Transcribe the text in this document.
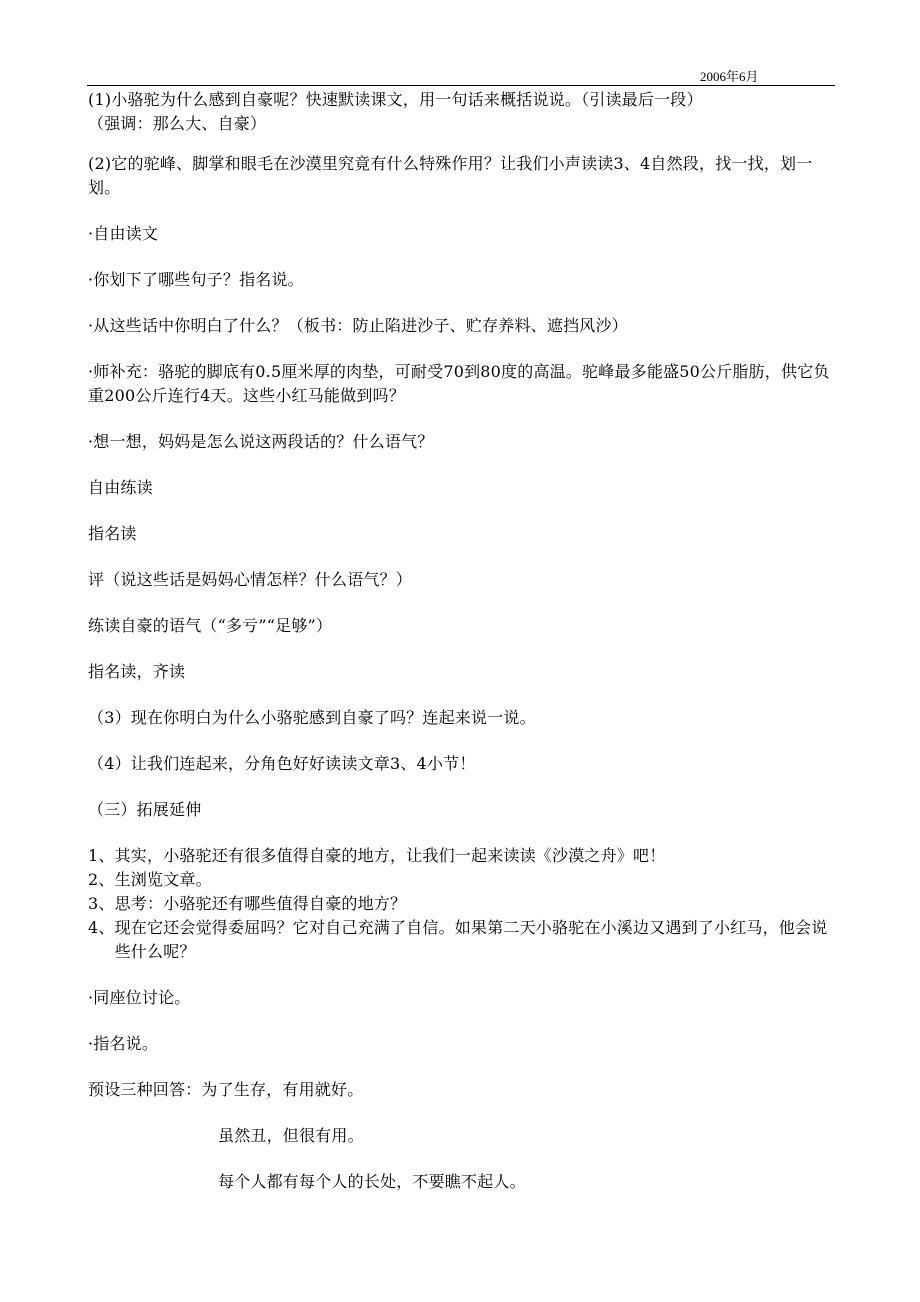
2006年6月

(1)小骆驼为什么感到自豪呢？快速默读课文，用一句话来概括说说。（引读最后一段）

（强调：那么大、自豪）

(2)它的驼峰、脚掌和眼毛在沙漠里究竟有什么特殊作用？让我们小声读读3、4自然段，找一找，划一划。

·自由读文

·你划下了哪些句子？指名说。

·从这些话中你明白了什么？（板书：防止陷进沙子、贮存养料、遮挡风沙）

·师补充：骆驼的脚底有0.5厘米厚的肉垫，可耐受70到80度的高温。驼峰最多能盛50公斤脂肪，供它负重200公斤连行4天。这些小红马能做到吗？

·想一想，妈妈是怎么说这两段话的？什么语气？

自由练读

指名读

评（说这些话是妈妈心情怎样？什么语气？）

练读自豪的语气（“多亏”“足够”）

指名读，齐读

（3）现在你明白为什么小骆驼感到自豪了吗？连起来说一说。

（4）让我们连起来，分角色好好读读文章3、4小节！

（三）拓展延伸

1、 其实，小骆驼还有很多值得自豪的地方，让我们一起来读读《沙漠之舟》吧！
2、 生浏览文章。
3、 思考：小骆驼还有哪些值得自豪的地方？
4、 现在它还会觉得委屈吗？它对自己充满了自信。如果第二天小骆驼在小溪边又遇到了小红马，他会说些什么呢？

·同座位讨论。

·指名说。

预设三种回答：为了生存，有用就好。

虽然丑，但很有用。

每个人都有每个人的长处，不要瞧不起人。
